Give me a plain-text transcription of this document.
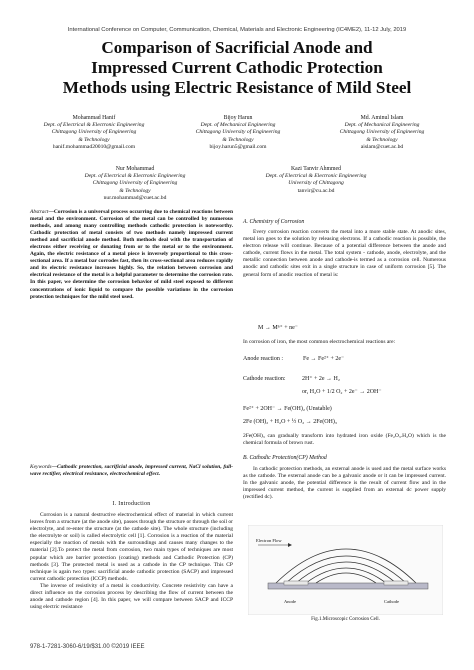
International Conference on Computer, Communication, Chemical, Materials and Electronic Engineering (IC4ME2), 11-12 July, 2019
Comparison of Sacrificial Anode and
Impressed Current Cathodic Protection
Methods using Electric Resistance of Mild Steel
Mohammad Hanif
Dept. of Electrical & Electronic Engineering
Chittagong University of Engineering
& Technology
hanif.mohammad20010@gmail.com
Bijoy Harun
Dept. of Mechanical Engineering
Chittagong University of Engineering
& Technology
bijoy.harun5@gmail.com
Md. Aminul Islam
Dept. of Mechanical Engineering
Chittagong University of Engineering
& Technology
aislam@cuet.ac.bd
Nur Mohammad
Dept. of Electrical & Electronic Engineering
Chittagong University of Engineering
& Technology
nur.mohammad@cuet.ac.bd
Kazi Tanvir Ahmmed
Dept. of Electrical & Electronic Engineering
University of Chittagong
tanvir@cu.ac.bd
Abstract—Corrosion is a universal process occurring due to chemical reactions between metal and the environment. Corrosion of the metal can be controlled by numerous methods, and among many controlling methods cathodic protection is noteworthy. Cathodic protection of metal consists of two methods namely impressed current method and sacrificial anode method. Both methods deal with the transportation of electrons either receiving or donating from or to the metal or to the environment. Again, the electric resistance of a metal piece is inversely proportional to this cross-sectional area. If a metal bar corrodes fast, then its cross-sectional area reduces rapidly and its electric resistance increases highly. So, the relation between corrosion and electrical resistance of the metal is a helpful parameter to determine the corrosion rate. In this paper, we determine the corrosion behavior of mild steel exposed to different concentrations of ionic liquid to compare the possible variations in the corrosion protection techniques for the mild steel used.
Keywords—Cathodic protection, sacrificial anode, impressed current, NaCl solution, full-wave rectifier, electrical resistance, electrochemical effect.
I. Introduction

Corrosion is a natural destructive electrochemical effect of material in which current leaves from a structure (at the anode site), passes through the structure or through the soil or electrolyte, and re-enter the structure (at the cathode site). The whole structure (including the electrolyte or soil) is called electrolytic cell [1]. Corrosion is a reaction of the material especially the reaction of metals with the surroundings and causes many changes to the material [2].To protect the metal from corrosion, two main types of techniques are most popular which are barrier protection (coating) methods and Cathodic Protection (CP) methods [3]. The protected metal is used as a cathode in the CP technique. This CP technique is again two types: sacrificial anode cathodic protection (SACP) and impressed current cathodic protection (ICCP) methods.

The inverse of resistivity of a metal is conductivity. Concrete resistivity can have a direct influence on the corrosion process by describing the flow of current between the anode and cathode region [4]. In this paper, we will compare between SACP and ICCP using electric resistance

A. Chemistry of Corrosion

Every corrosion reaction converts the metal into a more stable state. At anodic sites, metal ion goes to the solution by releasing electrons. If a cathodic reaction is possible, the electron release will continue. Because of a potential difference between the anode and cathode, current flows in the metal. The total system - cathode, anode, electrolyte, and the metallic connection between anode and cathode-is termed as a corrosion cell. Numerous anodic and cathodic sites exit in a single structure in case of uniform corrosion [5]. The general form of anodic reaction of metal is:

M → Mⁿ⁺ + ne⁻
In corrosion of iron, the most common electrochemical reactions are:
Anode reaction :	Fe → Fe²⁺ + 2e⁻
Cathode reaction:	2H⁺ + 2e → H₂
or, H₂O + 1/2 O₂ + 2e⁻ → 2OH⁻
Fe²⁺ + 2OH⁻ → Fe(OH)₂ (Unstable)
2Fe (OH)₂ + H₂O + ½ O₂ → 2Fe(OH)₃
2Fe(OH)₃ can gradually transform into hydrated iron oxide (Fe₂O₃.H₂O) which is the chemical formula of brown rust.
B. Cathodic Protection(CP) Method

In cathodic protection methods, an external anode is used and the metal surface works as the cathode. The external anode can be a galvanic anode or it can be impressed current. In the galvanic anode, the potential difference is the result of current flow and in the impressed current method, the current is supplied from an external dc power supply (rectified dc).

Electron Flow
Anode	Cathode
Fig.1.Microscopic Corrosion Cell.
978-1-7281-3060-6/19/$31.00 ©2019 IEEE
